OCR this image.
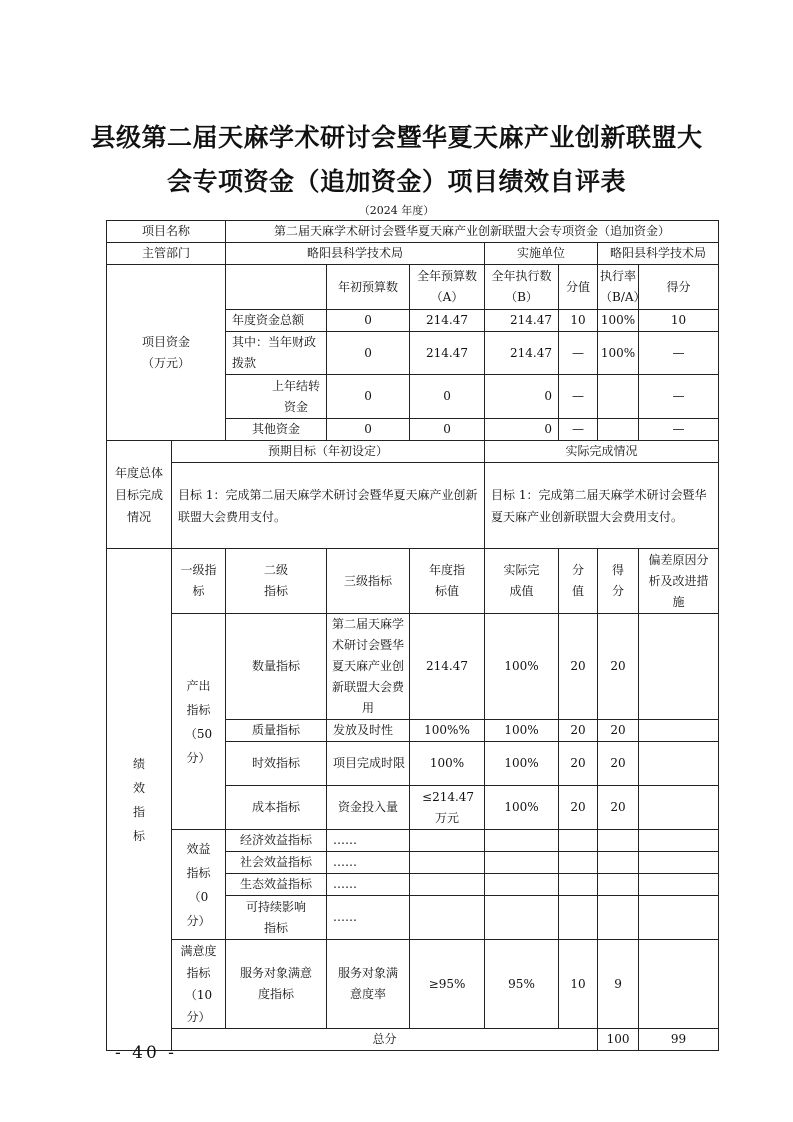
县级第二届天麻学术研讨会暨华夏天麻产业创新联盟大
会专项资金（追加资金）项目绩效自评表
（2024 年度）
项目名称		第二届天麻学术研讨会暨华夏天麻产业创新联盟大会专项资金（追加资金）							
主管部门		略阳县科学技术局			实施单位		略阳县科学技术局		

项目资金
（万元）			年初预算数	全年预算数（A）	全年执行数（B）	分值	执行率（B/A）	得分	
		年度资金总额	0	214.47	214.47	10	100%	10	
		其中：当年财政拨款	0	214.47	214.47	—	100%	—	

		上年结转资金	0	0	0	—		—	
		其他资金	0	0	0	—		—	

年度总体目标完成情况	预期目标（年初设定）				实际完成情况				
	目标 1：完成第二届天麻学术研讨会暨华夏天麻产业创新联盟大会费用支付。				目标 1：完成第二届天麻学术研讨会暨华夏天麻产业创新联盟大会费用支付。				

绩效指标	一级指标	二级指标	三级指标	年度指标值	实际完成值	分值	得分	偏差原因分析及改进措施	

	产出指标（50 分）	数量指标	第二届天麻学术研讨会暨华夏天麻产业创新联盟大会费用	214.47	100%	20	20		
		质量指标	发放及时性	100%%	100%	20	20		
		时效指标	项目完成时限	100%	100%	20	20		
		成本指标	资金投入量	≤214.47万元	100%	20	20		

	效益指标（0 分）	经济效益指标	……						
		社会效益指标	……						
		生态效益指标	……						

		可持续影响指标	……						

	满意度指标（10 分）	服务对象满意度指标	服务对象满意度率	≥95%	95%	10	9		
	总分						100	99	
- 40 -
